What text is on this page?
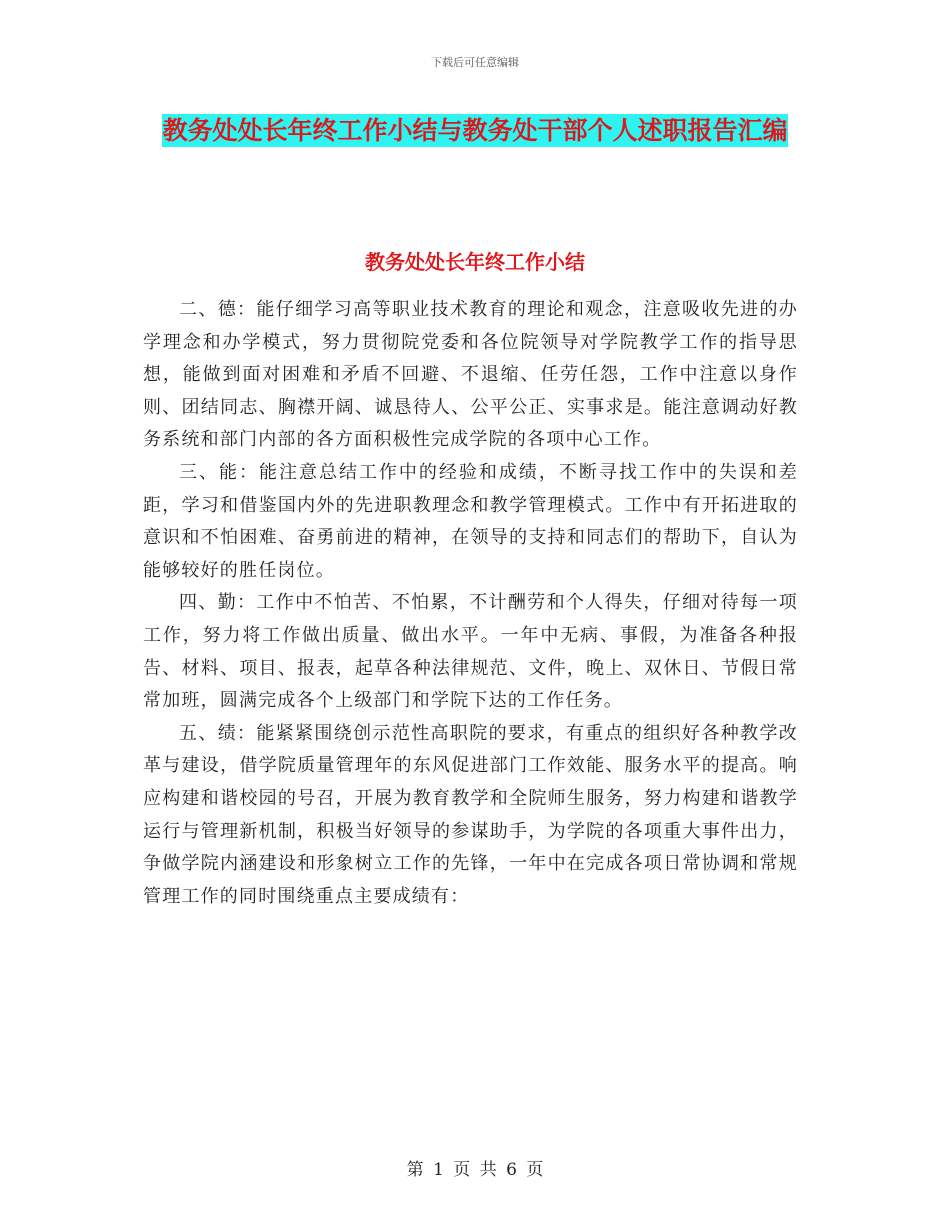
下载后可任意编辑
教务处处长年终工作小结与教务处干部个人述职报告汇编
教务处处长年终工作小结

二、德：能仔细学习高等职业技术教育的理论和观念，注意吸收先进的办学理念和办学模式，努力贯彻院党委和各位院领导对学院教学工作的指导思想，能做到面对困难和矛盾不回避、不退缩、任劳任怨，工作中注意以身作则、团结同志、胸襟开阔、诚恳待人、公平公正、实事求是。能注意调动好教务系统和部门内部的各方面积极性完成学院的各项中心工作。

三、能：能注意总结工作中的经验和成绩，不断寻找工作中的失误和差距，学习和借鉴国内外的先进职教理念和教学管理模式。工作中有开拓进取的意识和不怕困难、奋勇前进的精神，在领导的支持和同志们的帮助下，自认为能够较好的胜任岗位。

四、勤：工作中不怕苦、不怕累，不计酬劳和个人得失，仔细对待每一项工作，努力将工作做出质量、做出水平。一年中无病、事假，为准备各种报告、材料、项目、报表，起草各种法律规范、文件，晚上、双休日、节假日常常加班，圆满完成各个上级部门和学院下达的工作任务。

五、绩：能紧紧围绕创示范性高职院的要求，有重点的组织好各种教学改革与建设，借学院质量管理年的东风促进部门工作效能、服务水平的提高。响应构建和谐校园的号召，开展为教育教学和全院师生服务，努力构建和谐教学运行与管理新机制，积极当好领导的参谋助手，为学院的各项重大事件出力，争做学院内涵建设和形象树立工作的先锋，一年中在完成各项日常协调和常规管理工作的同时围绕重点主要成绩有：

第 1 页 共 6 页
